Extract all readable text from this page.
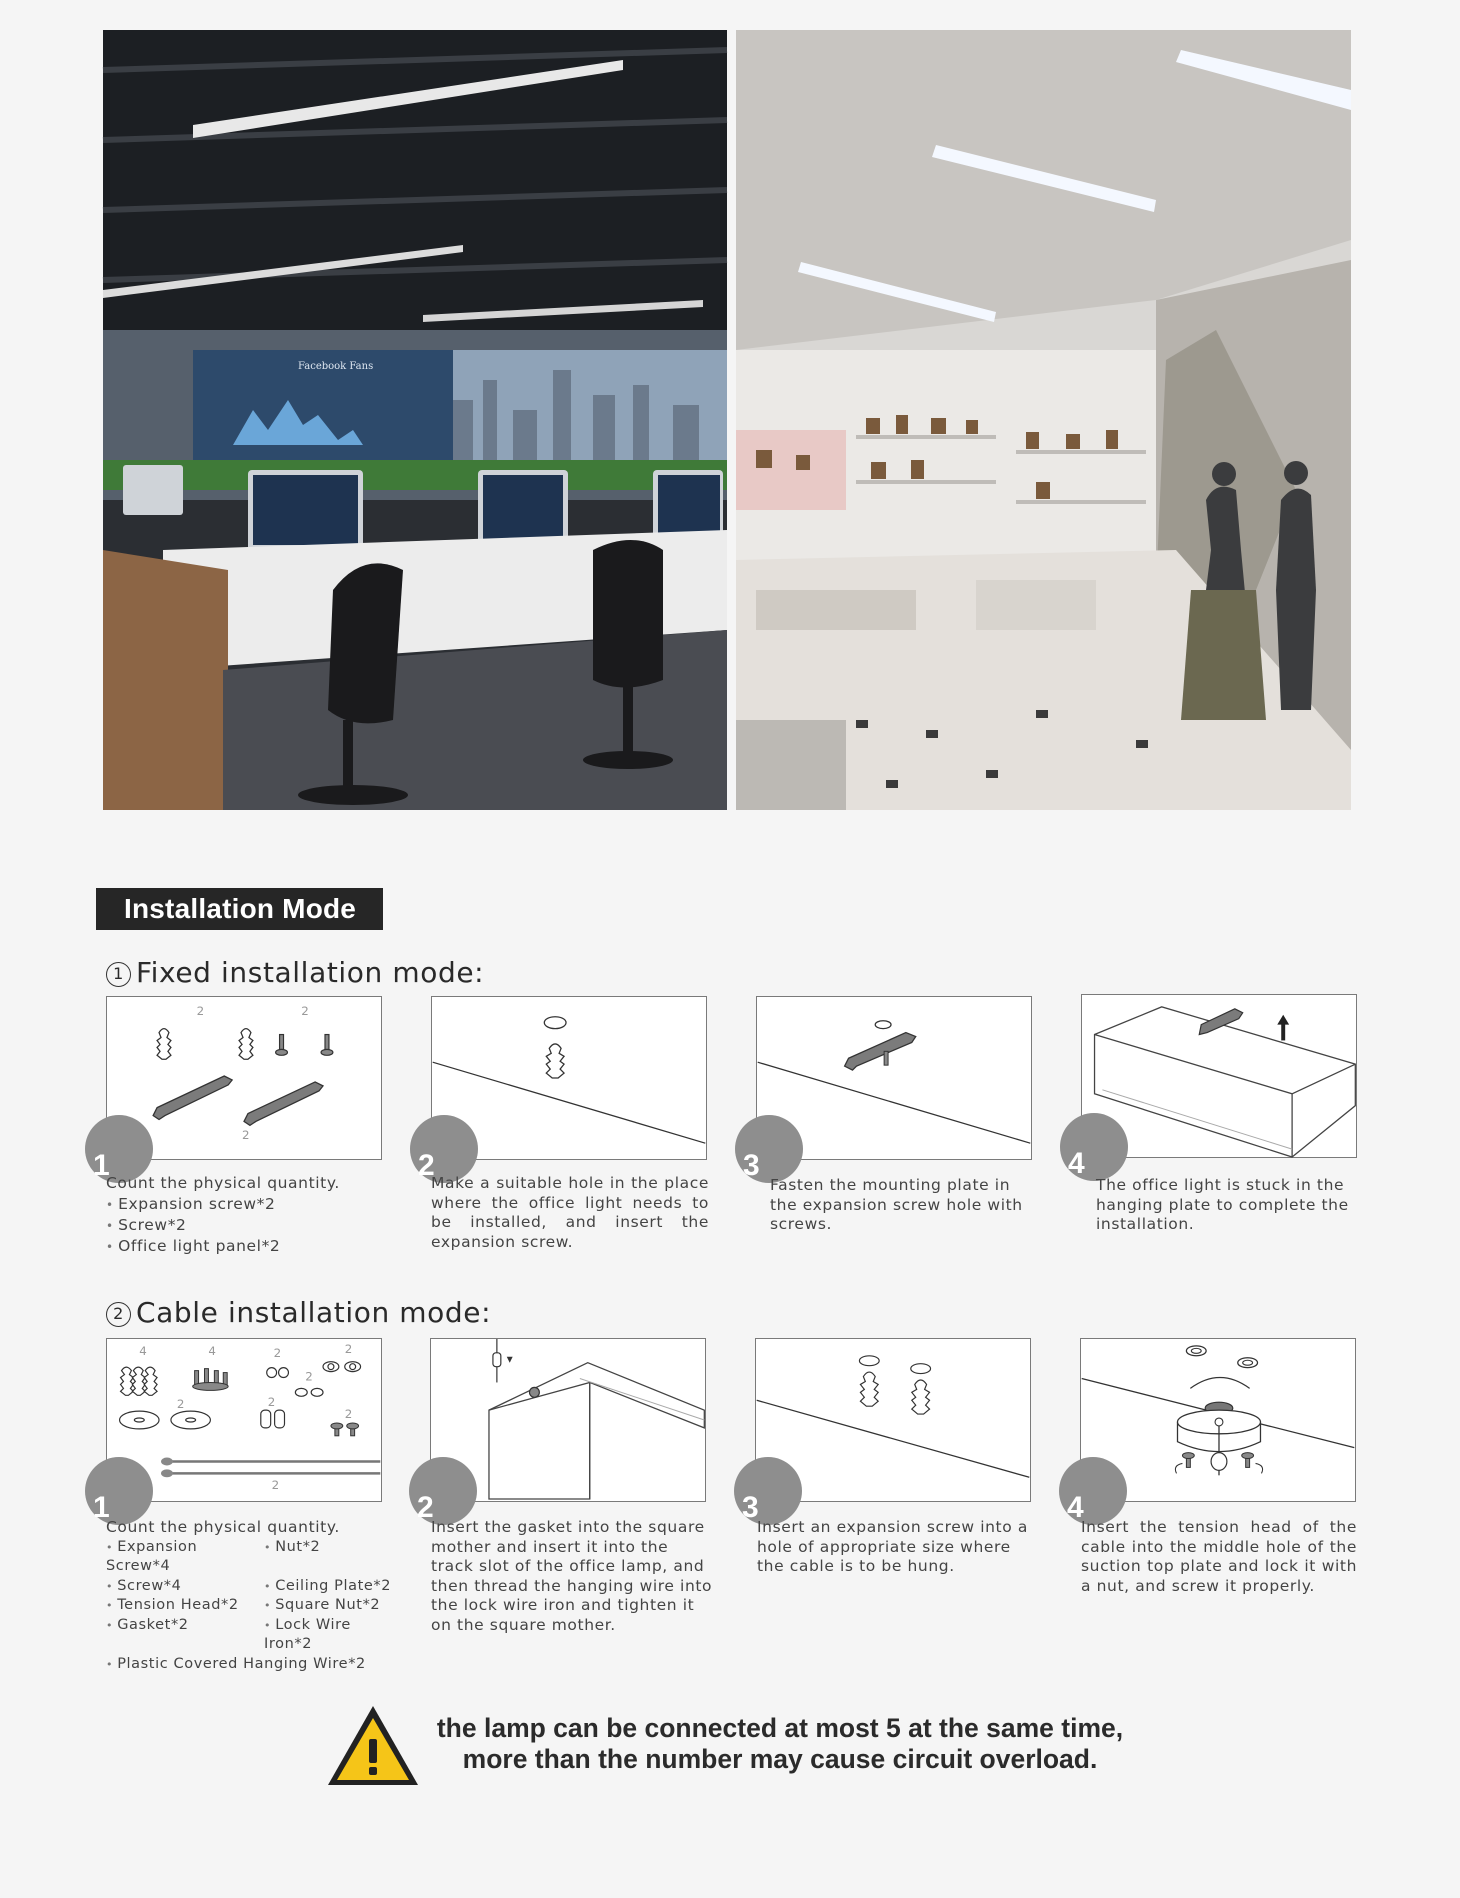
Facebook Fans
Installation Mode
1 Fixed installation mode:
2	2
2
1
Count the physical quantity.
• Expansion screw*2
• Screw*2
• Office light panel*2
2
Make a suitable hole in the place where the office light needs to be installed, and insert the expansion screw.
3
Fasten the mounting plate in the expansion screw hole with screws.
4
The office light is stuck in the hanging plate to complete the installation.
2 Cable installation mode:
4	4	2	2
2
2	2
2
2
1
Count the physical quantity.
• Expansion Screw*4
• Nut*2
• Screw*4	• Ceiling Plate*2
• Tension Head*2	• Square Nut*2
• Gasket*2	• Lock Wire Iron*2
• Plastic Covered Hanging Wire*2
2
Insert the gasket into the square mother and insert it into the track slot of the office lamp, and then thread the hanging wire into the lock wire iron and tighten it on the square mother.
3
Insert an expansion screw into a hole of appropriate size where the cable is to be hung.
4
Insert the tension head of the cable into the middle hole of the suction top plate and lock it with a nut, and screw it properly.
the lamp can be connected at most 5 at the same time,
more than the number may cause circuit overload.
